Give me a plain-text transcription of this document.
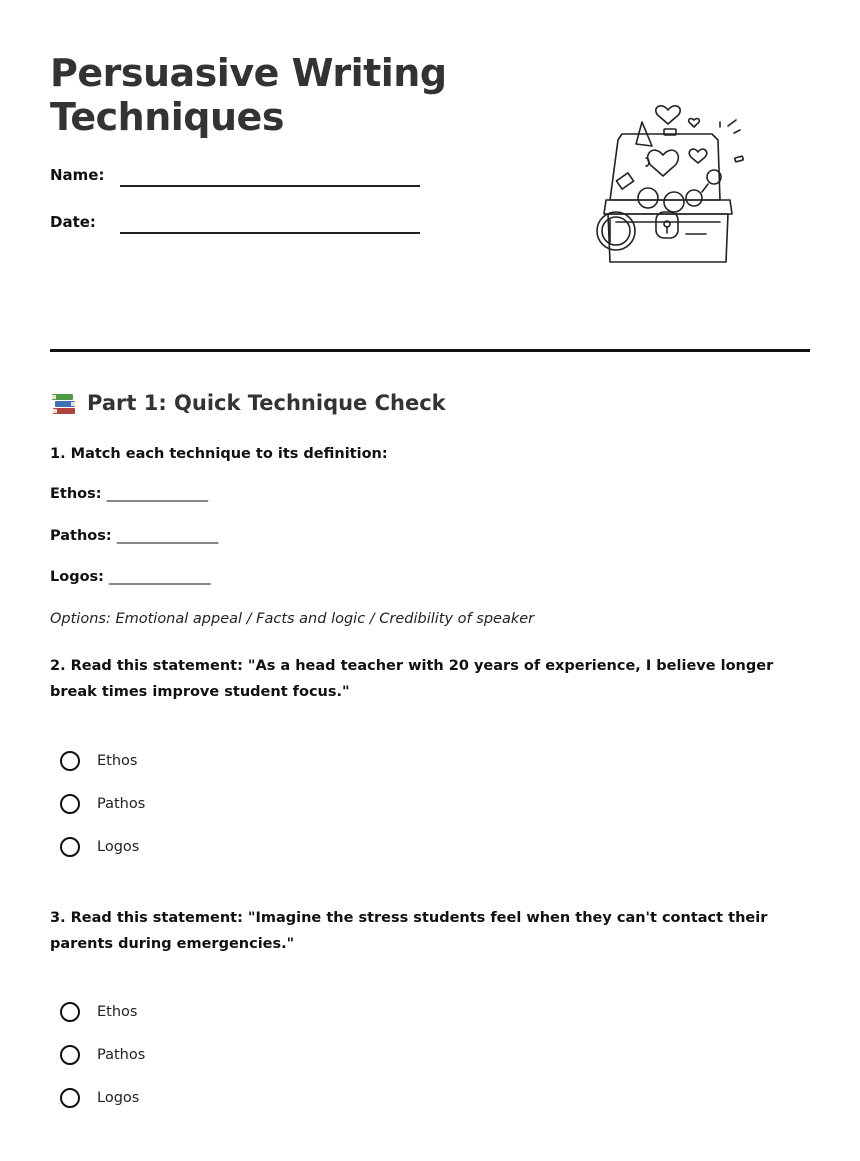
Persuasive Writing Techniques
Name:
Date:
Part 1: Quick Technique Check

1. Match each technique to its definition:

Ethos: ______________
Pathos: ______________
Logos: ______________
Options: Emotional appeal / Facts and logic / Credibility of speaker

2. Read this statement: "As a head teacher with 20 years of experience, I believe longer break times improve student focus."

Ethos
Pathos
Logos

3. Read this statement: "Imagine the stress students feel when they can't contact their parents during emergencies."

Ethos
Pathos
Logos
